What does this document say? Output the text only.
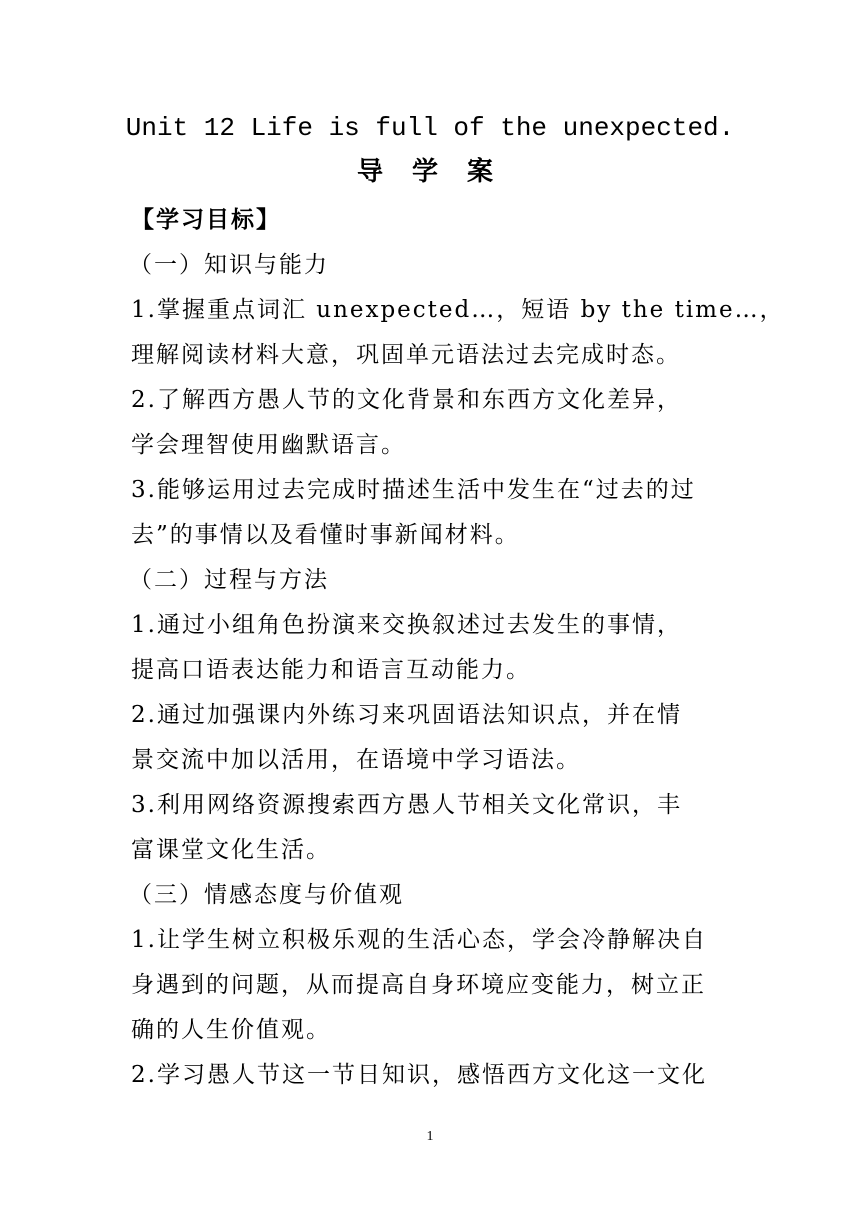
Unit 12 Life is full of the unexpected.
导 学 案
【学习目标】
（一）知识与能力
1.掌握重点词汇 unexpected…，短语 by the time…，
理解阅读材料大意，巩固单元语法过去完成时态。
2.了解西方愚人节的文化背景和东西方文化差异，
学会理智使用幽默语言。
3.能够运用过去完成时描述生活中发生在“过去的过
去”的事情以及看懂时事新闻材料。
（二）过程与方法
1.通过小组角色扮演来交换叙述过去发生的事情，
提高口语表达能力和语言互动能力。
2.通过加强课内外练习来巩固语法知识点，并在情
景交流中加以活用，在语境中学习语法。
3.利用网络资源搜索西方愚人节相关文化常识，丰
富课堂文化生活。
（三）情感态度与价值观
1.让学生树立积极乐观的生活心态，学会冷静解决自
身遇到的问题，从而提高自身环境应变能力，树立正
确的人生价值观。
2.学习愚人节这一节日知识，感悟西方文化这一文化
1
